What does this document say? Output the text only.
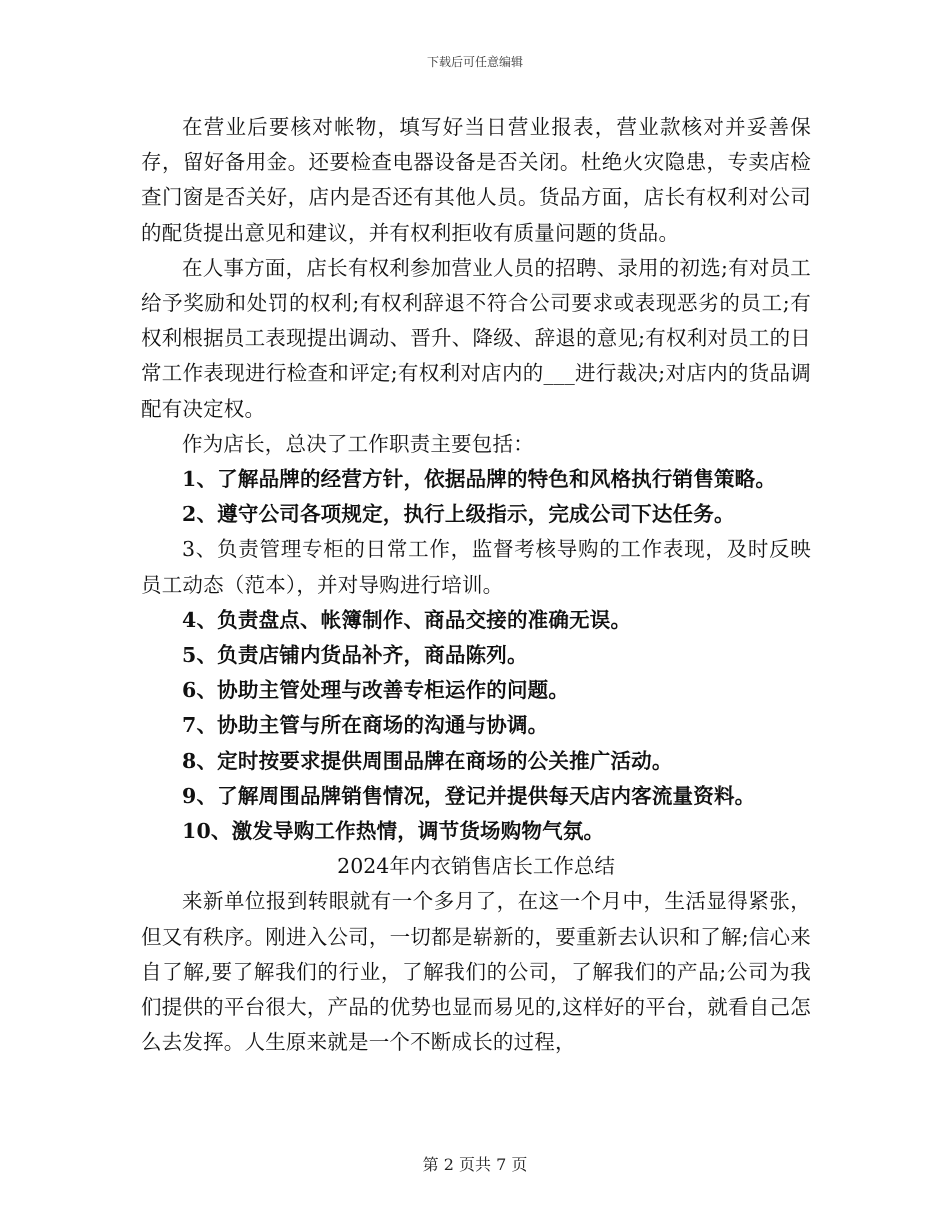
下载后可任意编辑

在营业后要核对帐物，填写好当日营业报表，营业款核对并妥善保存，留好备用金。还要检查电器设备是否关闭。杜绝火灾隐患，专卖店检查门窗是否关好，店内是否还有其他人员。货品方面，店长有权利对公司的配货提出意见和建议，并有权利拒收有质量问题的货品。

在人事方面，店长有权利参加营业人员的招聘、录用的初选;有对员工给予奖励和处罚的权利;有权利辞退不符合公司要求或表现恶劣的员工;有权利根据员工表现提出调动、晋升、降级、辞退的意见;有权利对员工的日常工作表现进行检查和评定;有权利对店内的___进行裁决;对店内的货品调配有决定权。

作为店长，总决了工作职责主要包括：

1、了解品牌的经营方针，依据品牌的特色和风格执行销售策略。

2、遵守公司各项规定，执行上级指示，完成公司下达任务。

3、负责管理专柜的日常工作，监督考核导购的工作表现，及时反映员工动态（范本），并对导购进行培训。

4、负责盘点、帐簿制作、商品交接的准确无误。

5、负责店铺内货品补齐，商品陈列。

6、协助主管处理与改善专柜运作的问题。

7、协助主管与所在商场的沟通与协调。

8、定时按要求提供周围品牌在商场的公关推广活动。

9、了解周围品牌销售情况，登记并提供每天店内客流量资料。

10、激发导购工作热情，调节货场购物气氛。

2024年内衣销售店长工作总结

来新单位报到转眼就有一个多月了，在这一个月中，生活显得紧张，但又有秩序。刚进入公司，一切都是崭新的，要重新去认识和了解;信心来自了解,要了解我们的行业，了解我们的公司，了解我们的产品;公司为我们提供的平台很大，产品的优势也显而易见的,这样好的平台，就看自己怎么去发挥。人生原来就是一个不断成长的过程，

第 2 页共 7 页
